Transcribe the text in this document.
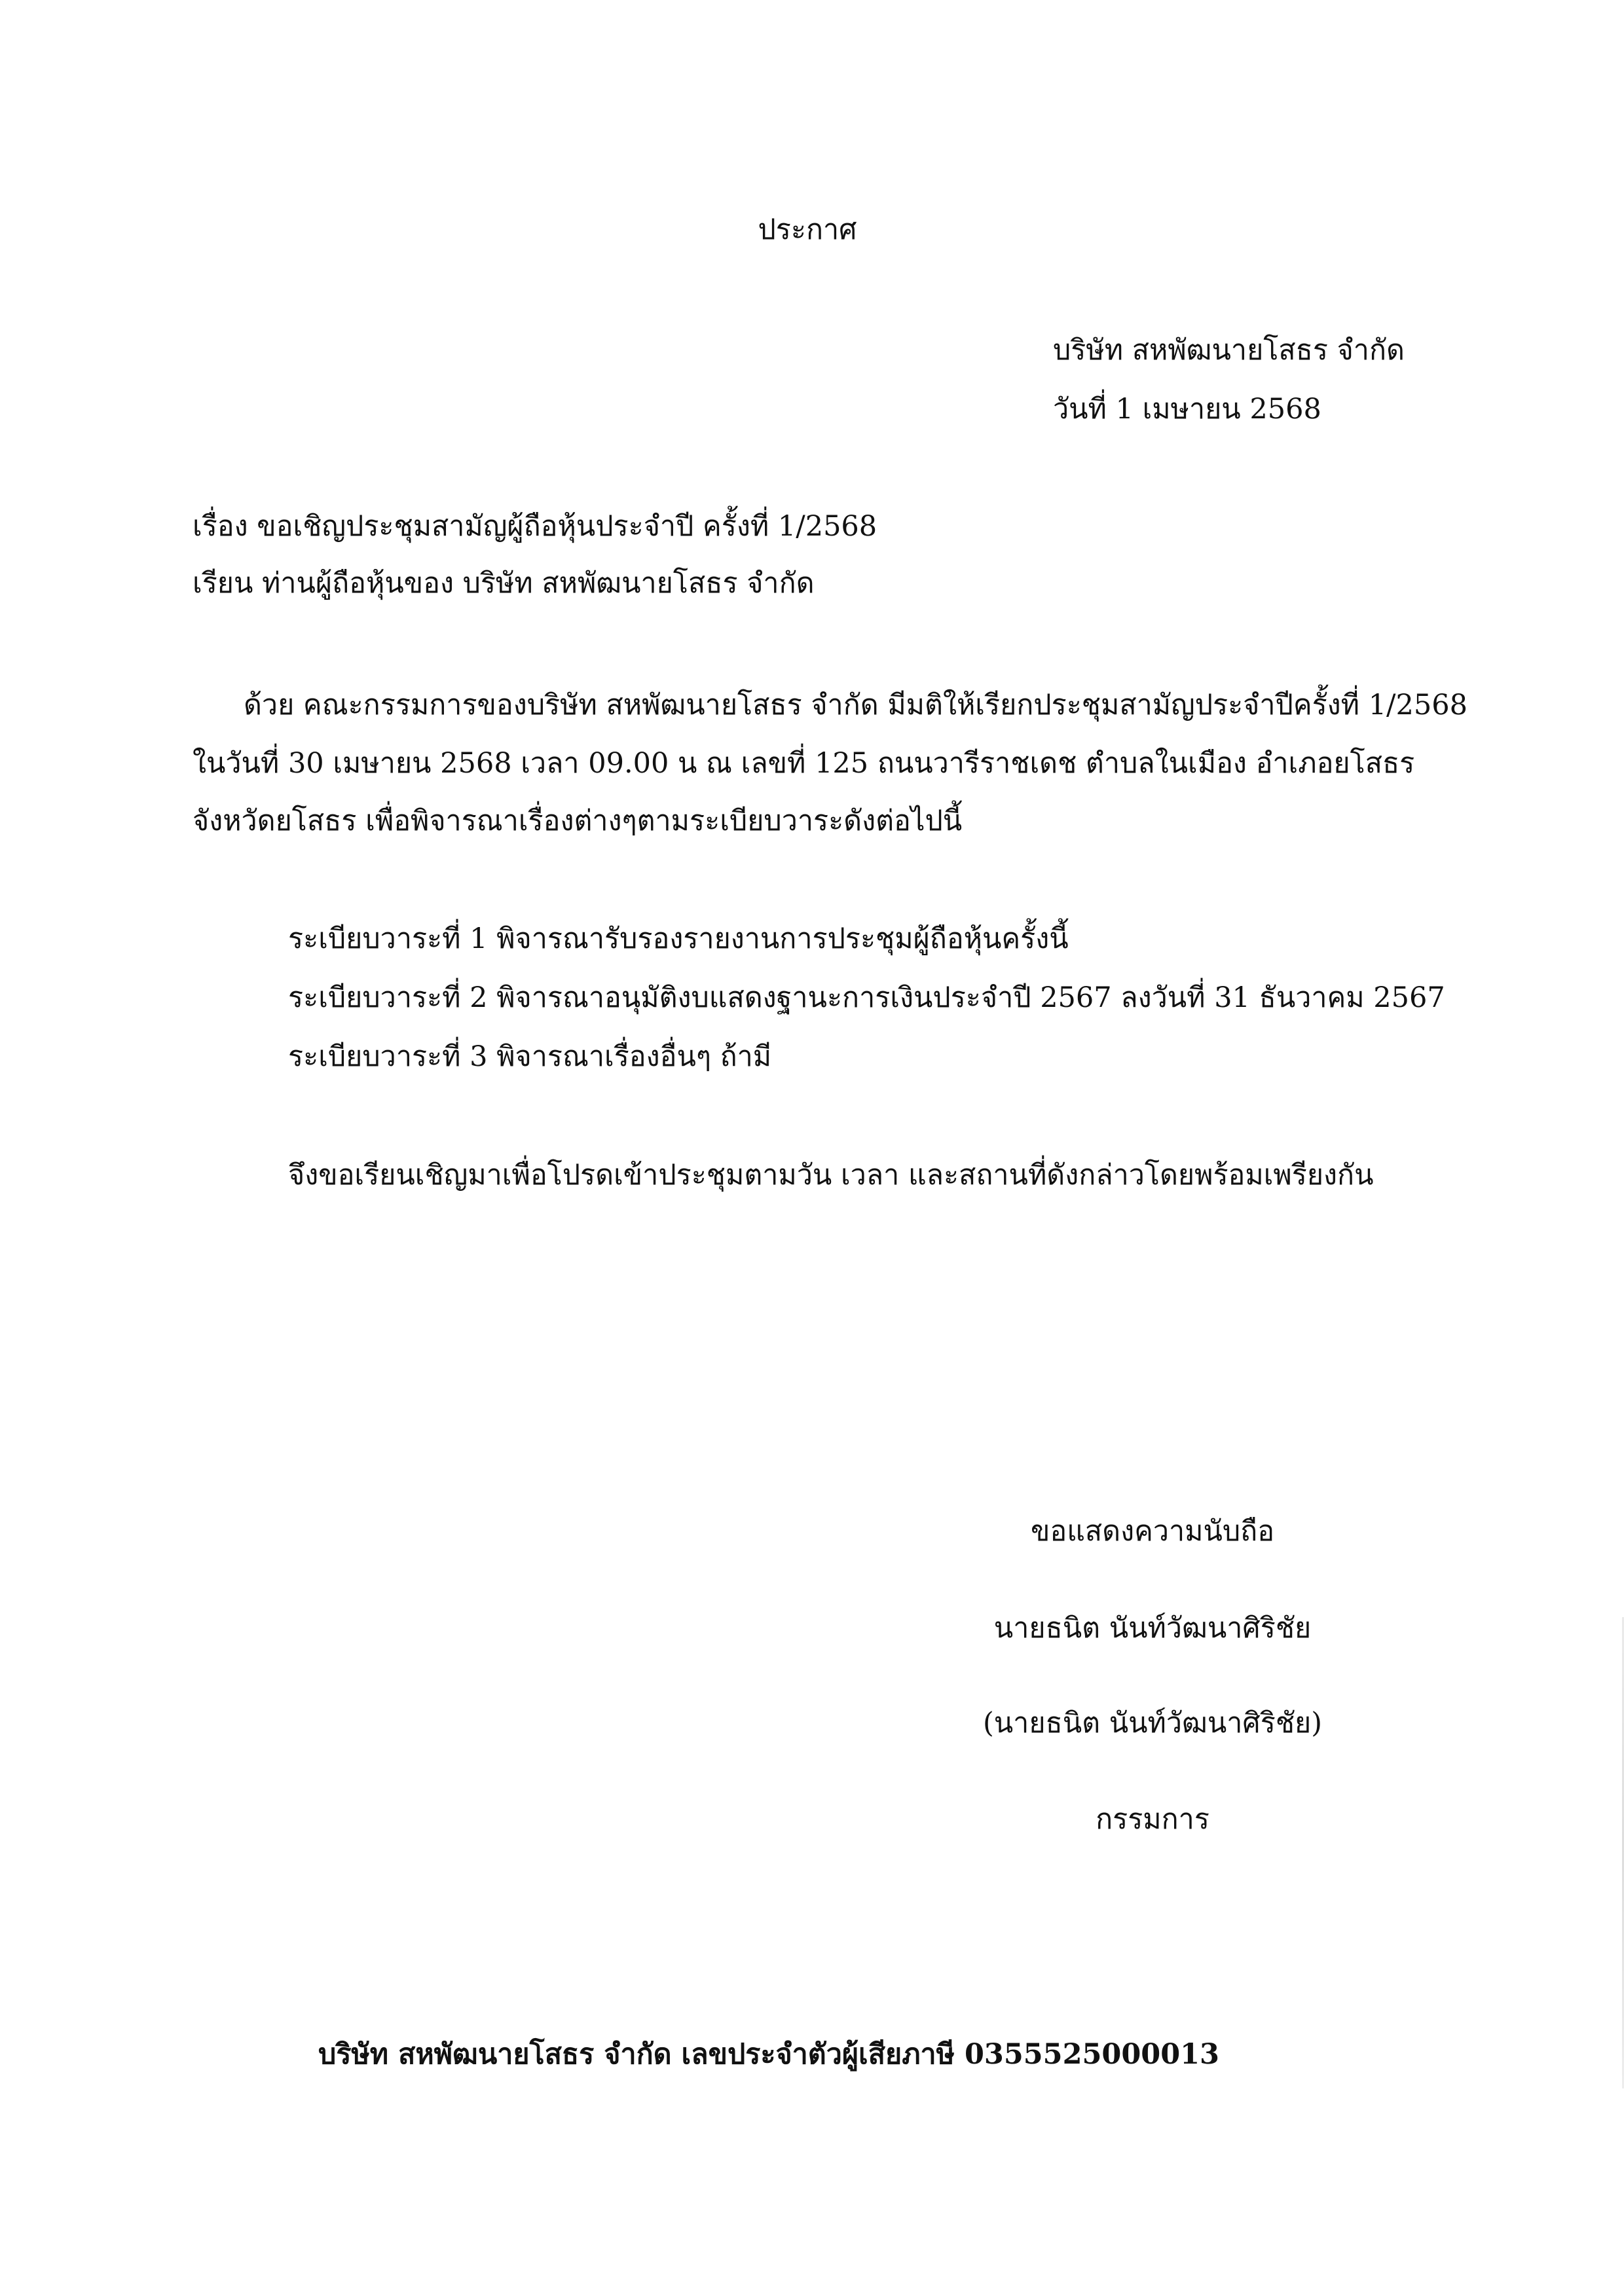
ประกาศ
บริษัท สหพัฒนายโสธร จำกัด
วันที่ 1 เมษายน 2568
เรื่อง ขอเชิญประชุมสามัญผู้ถือหุ้นประจำปี ครั้งที่ 1/2568
เรียน ท่านผู้ถือหุ้นของ บริษัท สหพัฒนายโสธร จำกัด
ด้วย คณะกรรมการของบริษัท สหพัฒนายโสธร จำกัด มีมติให้เรียกประชุมสามัญประจำปีครั้งที่ 1/2568
ในวันที่ 30 เมษายน 2568 เวลา 09.00 น ณ เลขที่ 125 ถนนวารีราชเดช ตำบลในเมือง อำเภอยโสธร
จังหวัดยโสธร เพื่อพิจารณาเรื่องต่างๆตามระเบียบวาระดังต่อไปนี้
ระเบียบวาระที่ 1 พิจารณารับรองรายงานการประชุมผู้ถือหุ้นครั้งนี้
ระเบียบวาระที่ 2 พิจารณาอนุมัติงบแสดงฐานะการเงินประจำปี 2567 ลงวันที่ 31 ธันวาคม 2567
ระเบียบวาระที่ 3 พิจารณาเรื่องอื่นๆ ถ้ามี
จึงขอเรียนเชิญมาเพื่อโปรดเข้าประชุมตามวัน เวลา และสถานที่ดังกล่าวโดยพร้อมเพรียงกัน
ขอแสดงความนับถือ
นายธนิต นันท์วัฒนาศิริชัย
(นายธนิต นันท์วัฒนาศิริชัย)
กรรมการ
บริษัท สหพัฒนายโสธร จำกัด เลขประจำตัวผู้เสียภาษี 0355525000013
